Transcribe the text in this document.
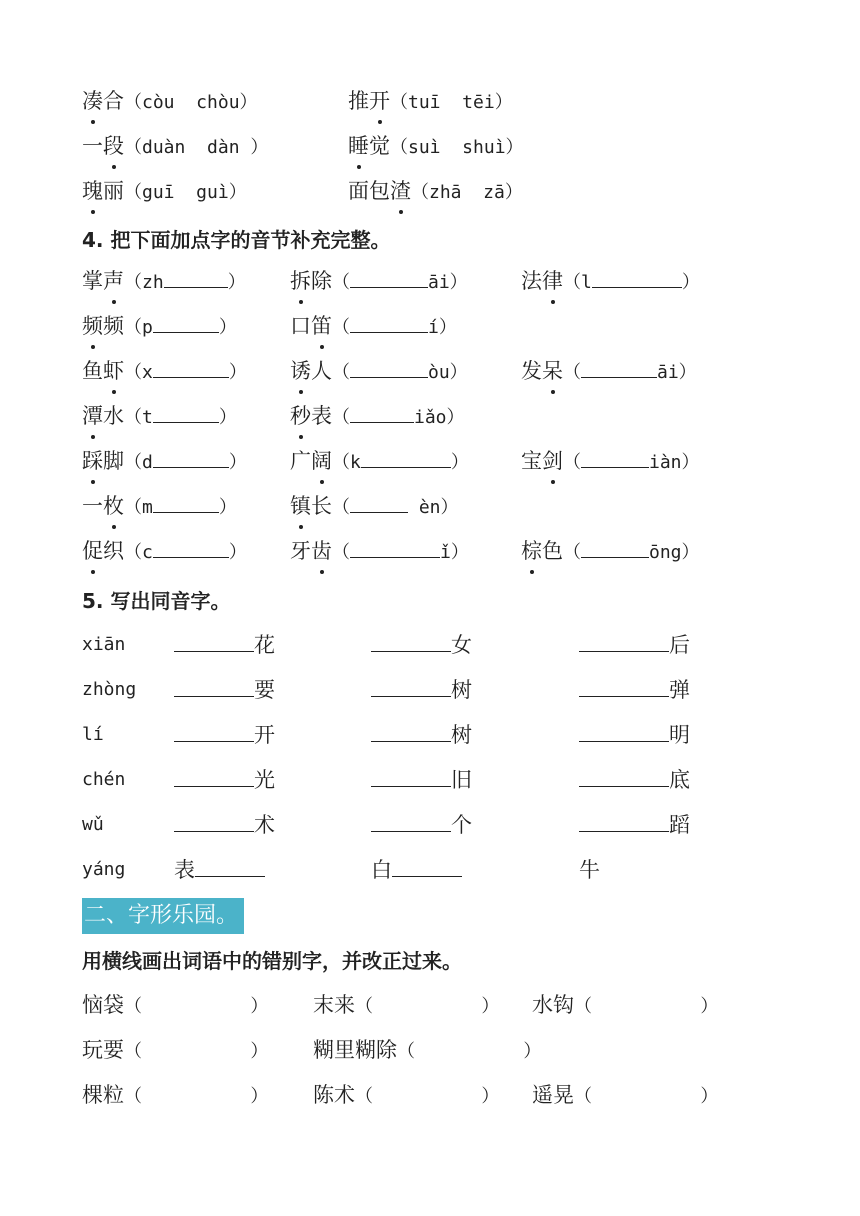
凑合（còu  chòu）	推开（tuī  tēi）
一段（duàn  dàn ）	睡觉（suì  shuì）
瑰丽（guī  guì）	面包渣（zhā  zā）
4. 把下面加点字的音节补充完整。
掌声（zh	） 拆除（	āi）	法律（l	）
频频（p	）	口笛（	í）
鱼虾（x	） 诱人（	òu）	发呆（	āi）
潭水（t	）	秒表（	iǎo）
踩脚（d	） 广阔（k	） 宝剑（	iàn）
一枚（m	）	镇长（	èn）
促织（c	） 牙齿（	ǐ） 棕色（	ōng）
5. 写出同音字。
xiān	花	女	后
zhòng	要	树	弹
lí	开	树	明
chén	光	旧	底
wǔ	术	个	蹈
yáng 表	白	牛
二、字形乐园。
用横线画出词语中的错别字，并改正过来。
恼袋（          ） 末来（          ） 水钩（          ）
玩要（          ） 糊里糊除（          ）
棵粒（          ） 陈术（          ） 遥晃（          ）
